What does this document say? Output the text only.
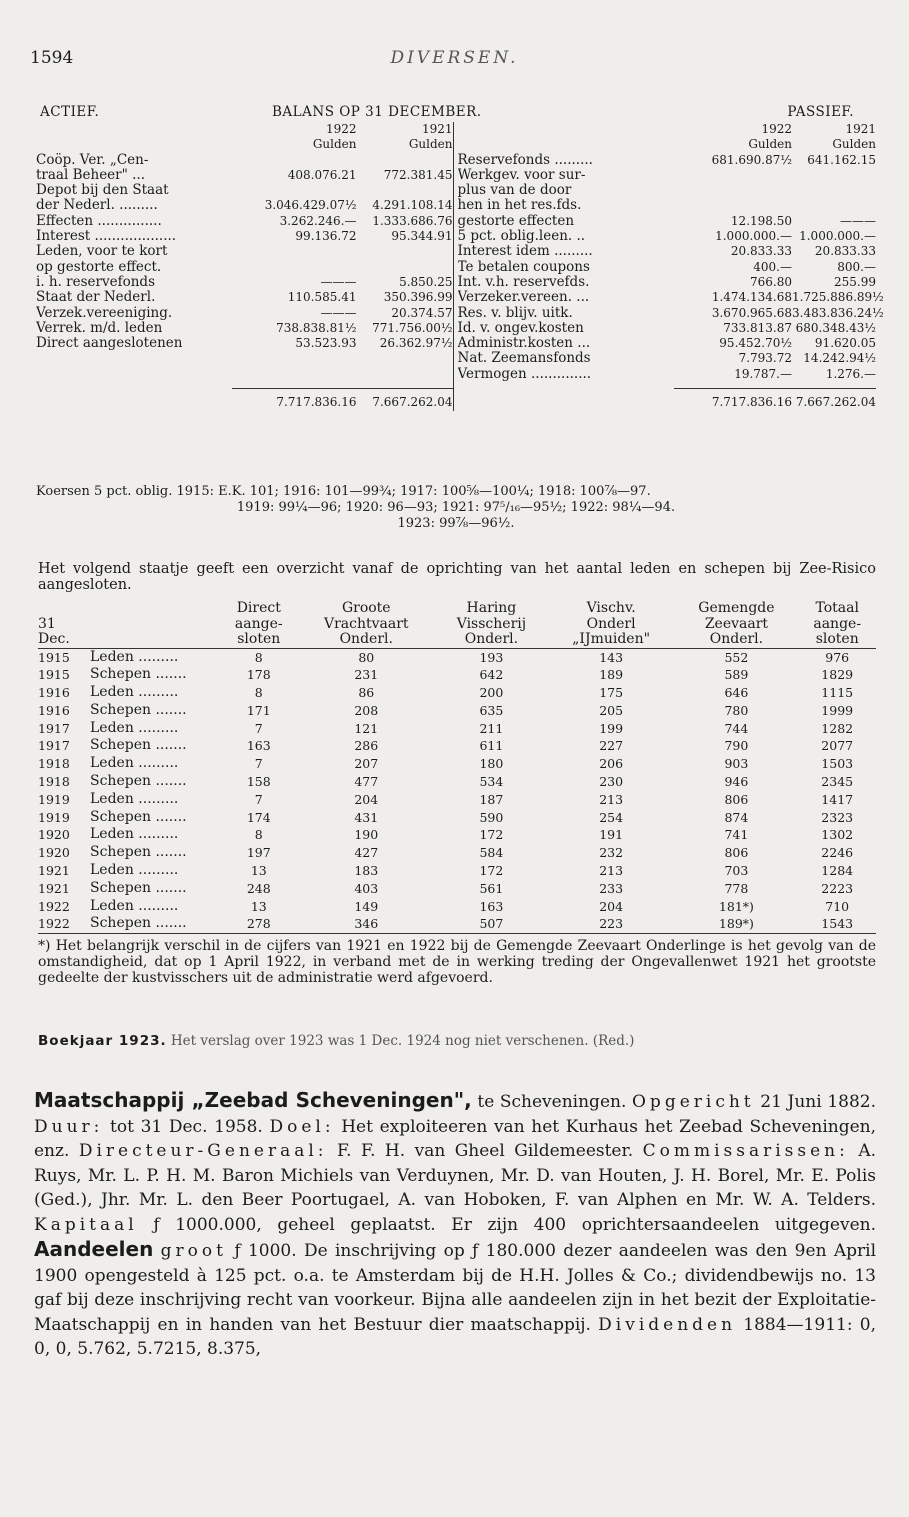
1594	DIVERSEN.
ACTIEF.	BALANS OP 31 DECEMBER.	PASSIEF.
1922	1921
Gulden	Gulden
Coöp. Ver. „Cen-
traal Beheer" ...	408.076.21	772.381.45
Depot bij den Staat
der Nederl. .........	3.046.429.07½	4.291.108.14
Effecten ...............	3.262.246.—	1.333.686.76
Interest ...................	99.136.72	95.344.91
Leden, voor te kort
op gestorte effect.
i. h. reservefonds	———	5.850.25
Staat der Nederl.	110.585.41	350.396.99
Verzek.vereeniging.	———	20.374.57
Verrek. m/d. leden	738.838.81½	771.756.00½
Direct aangeslotenen	53.523.93	26.362.97½
1922	1921
Gulden	Gulden
Reservefonds .........	681.690.87½	641.162.15
Werkgev. voor sur-
plus van de door
hen in het res.fds.
gestorte effecten	12.198.50	———
5 pct. oblig.leen. ..	1.000.000.— 1.000.000.—
Interest idem .........	20.833.33	20.833.33
Te betalen coupons	400.—	800.—
Int. v.h. reservefds.	766.80	255.99
Verzeker.vereen. ...	1.474.134.68 1.725.886.89½
Res. v. blijv. uitk.	3.670.965.68 3.483.836.24½
Id. v. ongev.kosten	733.813.87 680.348.43½
Administr.kosten ...	95.452.70½	91.620.05
Nat. Zeemansfonds	7.793.72 14.242.94½
Vermogen ..............	19.787.—	1.276.—
7.717.836.16	7.667.262.04	7.717.836.16 7.667.262.04
Koersen 5 pct. oblig. 1915: E.K. 101; 1916: 101—99¾; 1917: 100⅝—100¼; 1918: 100⅞—97.
1919: 99¼—96; 1920: 96—93; 1921: 97⁵/₁₆—95½; 1922: 98¼—94.
1923: 99⅞—96½.
Het volgend staatje geeft een overzicht vanaf de oprichting van het aantal leden en schepen bij Zee-Risico aangesloten.
		Direct	Groote	Haring	Vischv.	Gemengde	Totaal
31		aange-	Vrachtvaart	Visscherij	Onderl	Zeevaart	aange-
Dec.		sloten	Onderl.	Onderl.	„IJmuiden"	Onderl.	sloten
1915	Leden .........	8	80	193	143	552	976
1915	Schepen .......	178	231	642	189	589	1829
1916	Leden .........	8	86	200	175	646	1115
1916	Schepen .......	171	208	635	205	780	1999
1917	Leden .........	7	121	211	199	744	1282
1917	Schepen .......	163	286	611	227	790	2077
1918	Leden .........	7	207	180	206	903	1503
1918	Schepen .......	158	477	534	230	946	2345
1919	Leden .........	7	204	187	213	806	1417
1919	Schepen .......	174	431	590	254	874	2323
1920	Leden .........	8	190	172	191	741	1302
1920	Schepen .......	197	427	584	232	806	2246
1921	Leden .........	13	183	172	213	703	1284
1921	Schepen .......	248	403	561	233	778	2223
1922	Leden .........	13	149	163	204	181*)	710
1922	Schepen .......	278	346	507	223	189*)	1543
*) Het belangrijk verschil in de cijfers van 1921 en 1922 bij de Gemengde Zeevaart Onderlinge is het gevolg van de omstandigheid, dat op 1 April 1922, in verband met de in werking treding der Ongevallenwet 1921 het grootste gedeelte der kustvisschers uit de administratie werd afgevoerd.
Boekjaar 1923. Het verslag over 1923 was 1 Dec. 1924 nog niet verschenen. (Red.)
Maatschappij „Zeebad Scheveningen", te Scheveningen. Opgericht 21 Juni 1882. Duur: tot 31 Dec. 1958. Doel: Het exploiteeren van het Kurhaus het Zeebad Scheveningen, enz. Directeur-Generaal: F. F. H. van Gheel Gildemeester. Commissarissen: A. Ruys, Mr. L. P. H. M. Baron Michiels van Verduynen, Mr. D. van Houten, J. H. Borel, Mr. E. Polis (Ged.), Jhr. Mr. L. den Beer Poortugael, A. van Hoboken, F. van Alphen en Mr. W. A. Telders. Kapitaal ƒ 1000.000, geheel geplaatst. Er zijn 400 oprichtersaandeelen uitgegeven. Aandeelen groot ƒ 1000. De inschrijving op ƒ 180.000 dezer aandeelen was den 9en April 1900 opengesteld à 125 pct. o.a. te Amsterdam bij de H.H. Jolles & Co.; dividendbewijs no. 13 gaf bij deze inschrijving recht van voorkeur. Bijna alle aandeelen zijn in het bezit der Exploitatie-Maatschappij en in handen van het Bestuur dier maatschappij. Dividenden 1884—1911: 0, 0, 0, 5.762, 5.7215, 8.375,
